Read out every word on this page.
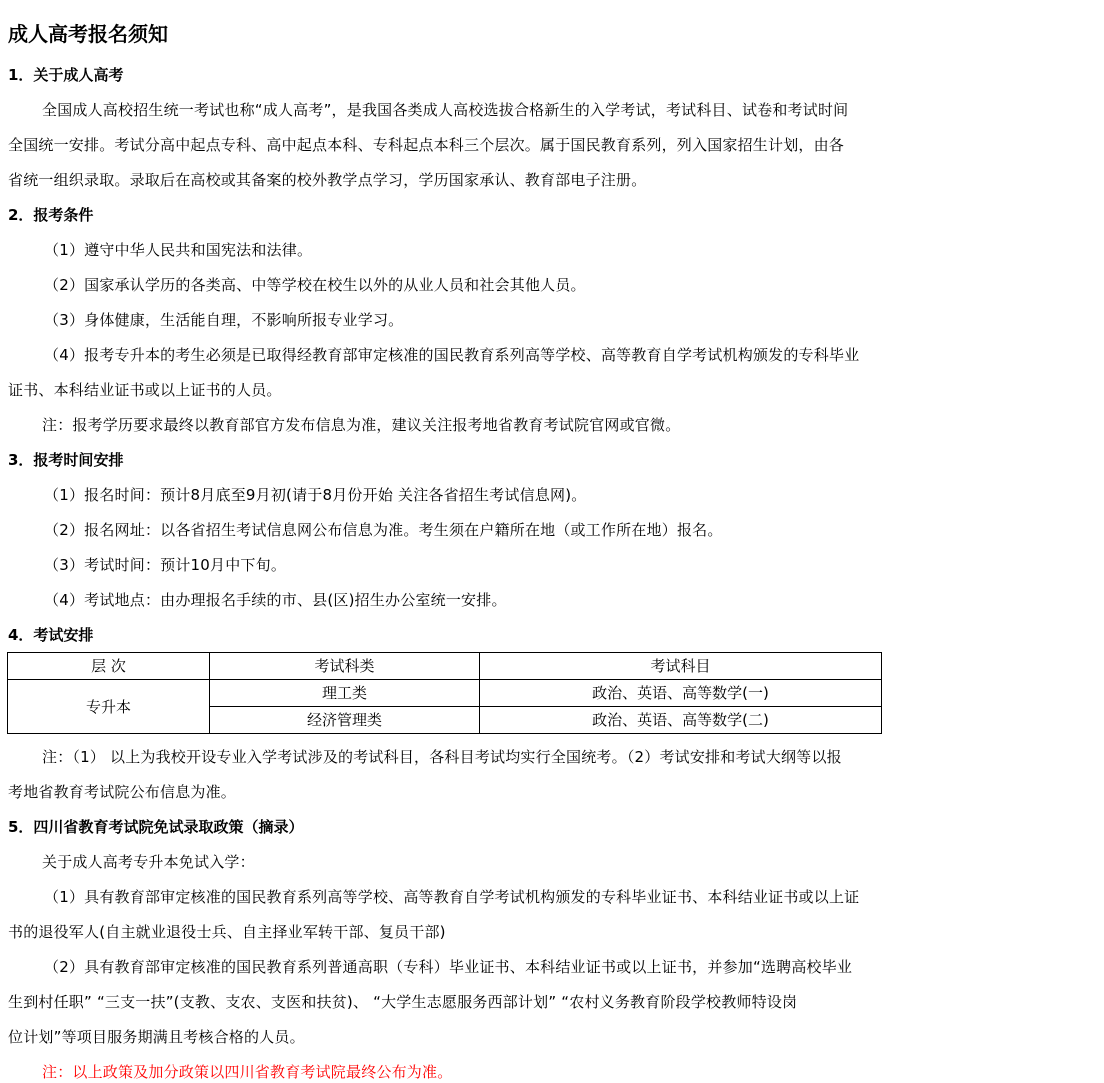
成人高考报名须知
1．关于成人高考
全国成人高校招生统一考试也称“成人高考”，是我国各类成人高校选拔合格新生的入学考试，考试科目、试卷和考试时间
全国统一安排。考试分高中起点专科、高中起点本科、专科起点本科三个层次。属于国民教育系列，列入国家招生计划，由各
省统一组织录取。录取后在高校或其备案的校外教学点学习，学历国家承认、教育部电子注册。
2．报考条件
（1）遵守中华人民共和国宪法和法律。
（2）国家承认学历的各类高、中等学校在校生以外的从业人员和社会其他人员。
（3）身体健康，生活能自理，不影响所报专业学习。
（4）报考专升本的考生必须是已取得经教育部审定核准的国民教育系列高等学校、高等教育自学考试机构颁发的专科毕业
证书、本科结业证书或以上证书的人员。
注：报考学历要求最终以教育部官方发布信息为准，建议关注报考地省教育考试院官网或官微。
3．报考时间安排
（1）报名时间：预计8月底至9月初(请于8月份开始 关注各省招生考试信息网)。
（2）报名网址：以各省招生考试信息网公布信息为准。考生须在户籍所在地（或工作所在地）报名。
（3）考试时间：预计10月中下旬。
（4）考试地点：由办理报名手续的市、县(区)招生办公室统一安排。
4．考试安排
层 次	考试科类	考试科目
专升本	理工类	政治、英语、高等数学(一)
	经济管理类	政治、英语、高等数学(二)
注：（1） 以上为我校开设专业入学考试涉及的考试科目，各科目考试均实行全国统考。（2）考试安排和考试大纲等以报
考地省教育考试院公布信息为准。
5．四川省教育考试院免试录取政策（摘录）
关于成人高考专升本免试入学：
（1）具有教育部审定核准的国民教育系列高等学校、高等教育自学考试机构颁发的专科毕业证书、本科结业证书或以上证
书的退役军人(自主就业退役士兵、自主择业军转干部、复员干部)
（2）具有教育部审定核准的国民教育系列普通高职（专科）毕业证书、本科结业证书或以上证书，并参加“选聘高校毕业
生到村任职” “三支一扶”(支教、支农、支医和扶贫)、 “大学生志愿服务西部计划” “农村义务教育阶段学校教师特设岗
位计划”等项目服务期满且考核合格的人员。
注：以上政策及加分政策以四川省教育考试院最终公布为准。
